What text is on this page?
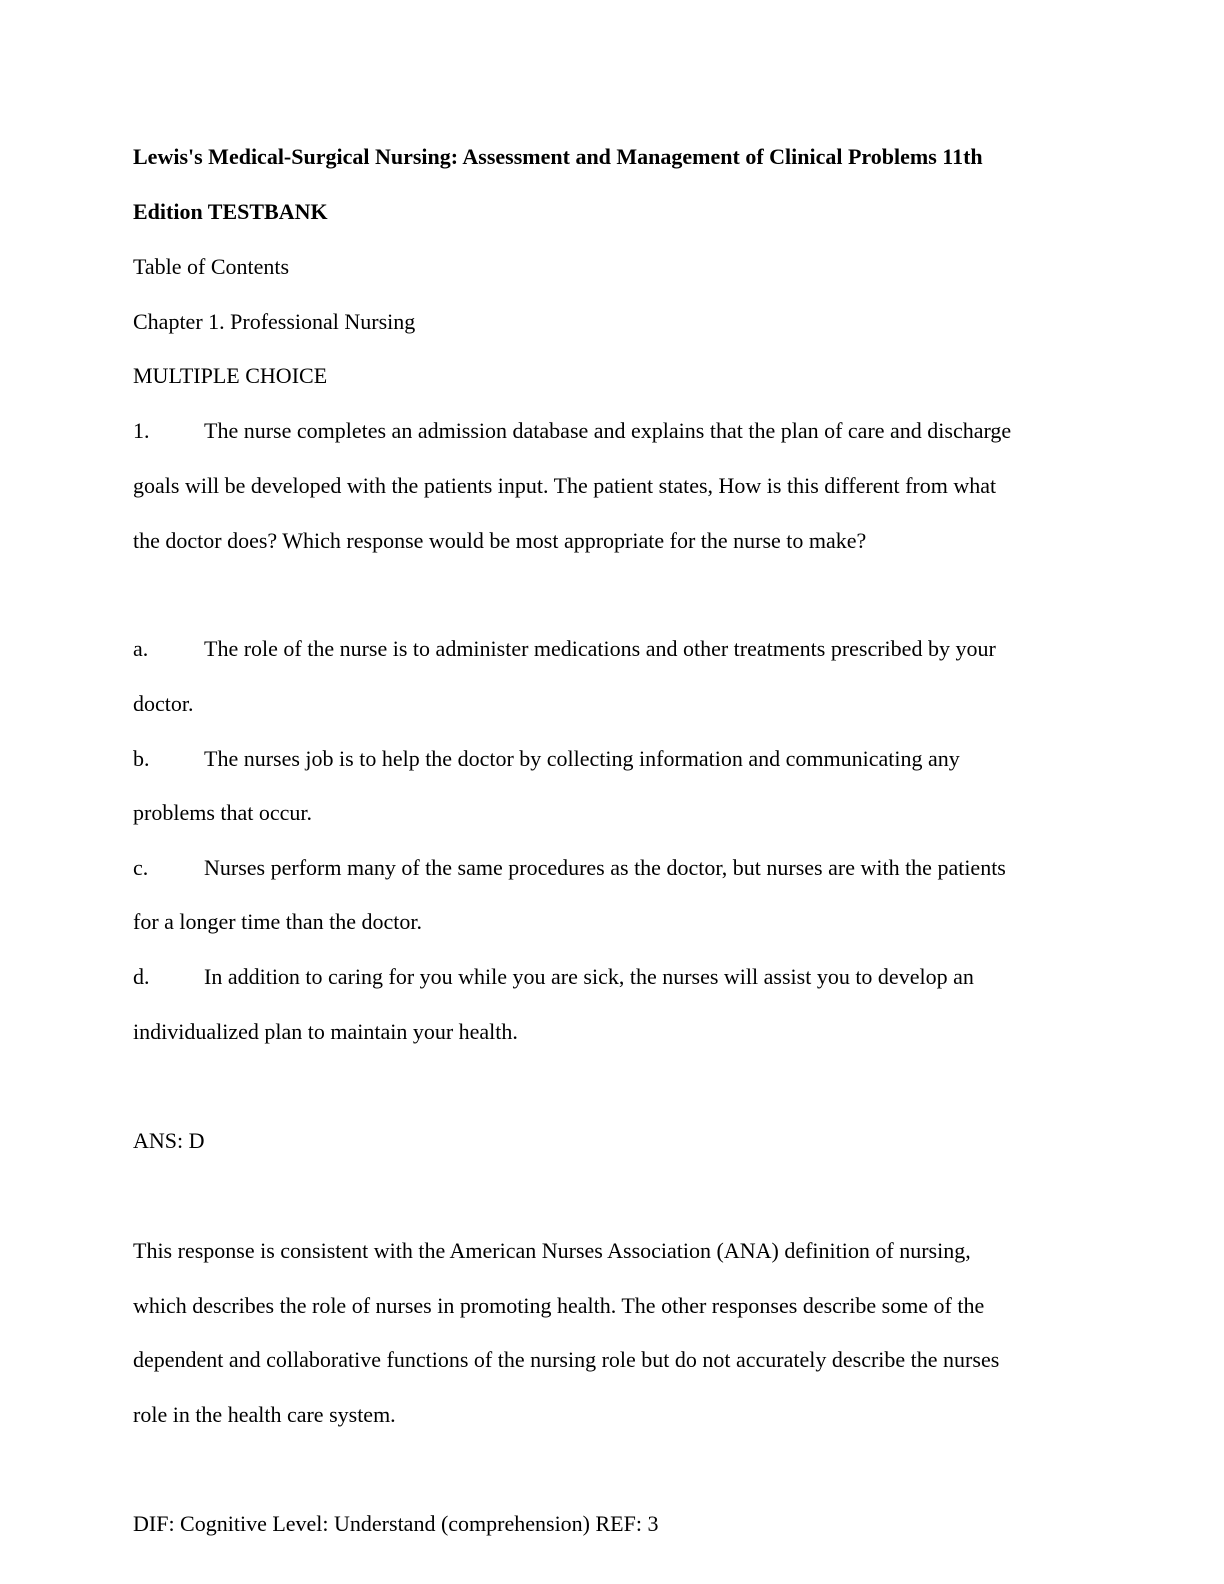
Lewis's Medical-Surgical Nursing: Assessment and Management of Clinical Problems 11th
Edition TESTBANK
Table of Contents
Chapter 1. Professional Nursing
MULTIPLE CHOICE
1. The nurse completes an admission database and explains that the plan of care and discharge
goals will be developed with the patients input. The patient states, How is this different from what
the doctor does? Which response would be most appropriate for the nurse to make?
a.	The role of the nurse is to administer medications and other treatments prescribed by your
doctor.
b. The nurses job is to help the doctor by collecting information and communicating any
problems that occur.
c.	Nurses perform many of the same procedures as the doctor, but nurses are with the patients
for a longer time than the doctor.
d. In addition to caring for you while you are sick, the nurses will assist you to develop an
individualized plan to maintain your health.
ANS: D
This response is consistent with the American Nurses Association (ANA) definition of nursing,
which describes the role of nurses in promoting health. The other responses describe some of the
dependent and collaborative functions of the nursing role but do not accurately describe the nurses
role in the health care system.
DIF: Cognitive Level: Understand (comprehension) REF: 3
